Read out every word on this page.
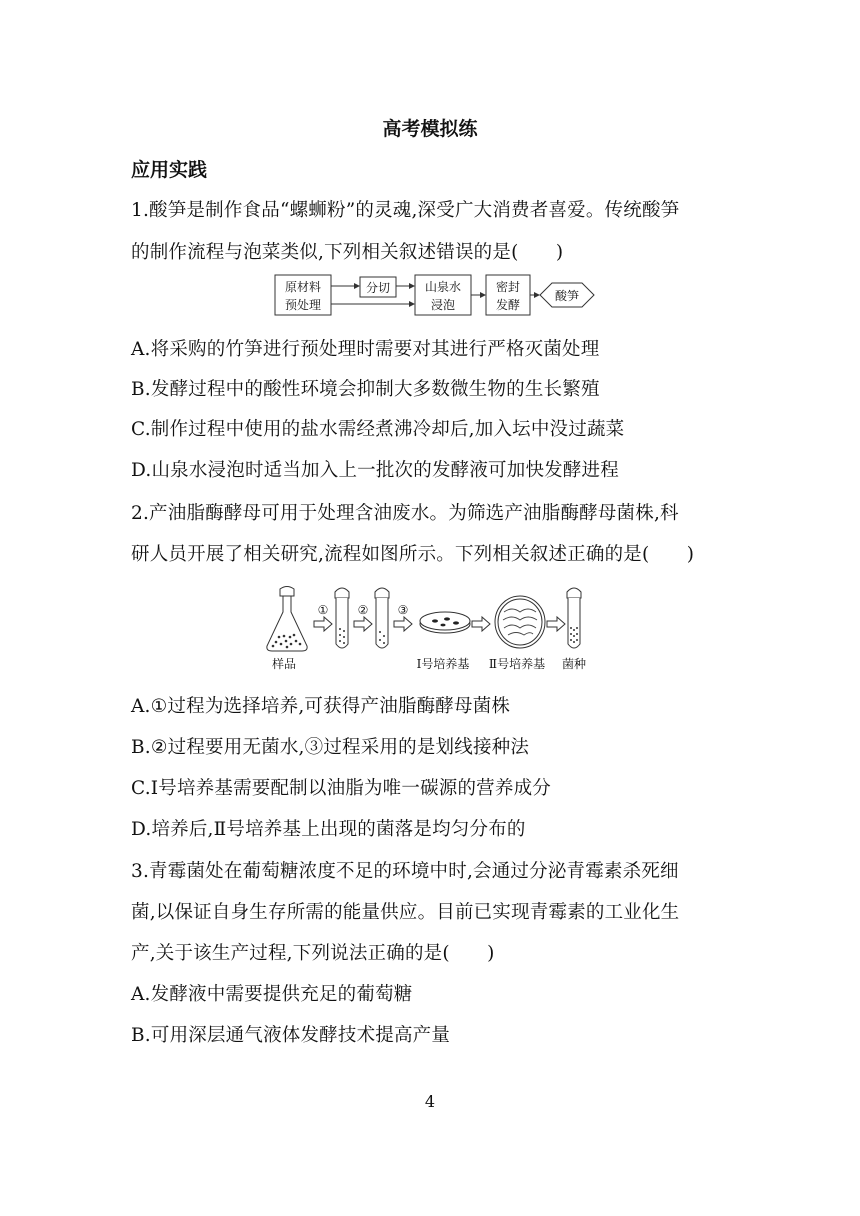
高考模拟练
应用实践
1.酸笋是制作食品“螺蛳粉”的灵魂,深受广大消费者喜爱。传统酸笋
的制作流程与泡菜类似,下列相关叙述错误的是(　　)
原材料
预处理
分切	山泉水
浸泡
密封
发酵
酸笋
A.将采购的竹笋进行预处理时需要对其进行严格灭菌处理
B.发酵过程中的酸性环境会抑制大多数微生物的生长繁殖
C.制作过程中使用的盐水需经煮沸冷却后,加入坛中没过蔬菜
D.山泉水浸泡时适当加入上一批次的发酵液可加快发酵进程
2.产油脂酶酵母可用于处理含油废水。为筛选产油脂酶酵母菌株,科
研人员开展了相关研究,流程如图所示。下列相关叙述正确的是(　　)
样品
① ② ③
Ⅰ号培养基 Ⅱ号培养基 菌种
A.①过程为选择培养,可获得产油脂酶酵母菌株
B.②过程要用无菌水,③过程采用的是划线接种法
C.Ⅰ号培养基需要配制以油脂为唯一碳源的营养成分
D.培养后,Ⅱ号培养基上出现的菌落是均匀分布的
3.青霉菌处在葡萄糖浓度不足的环境中时,会通过分泌青霉素杀死细
菌,以保证自身生存所需的能量供应。目前已实现青霉素的工业化生
产,关于该生产过程,下列说法正确的是(　　)
A.发酵液中需要提供充足的葡萄糖
B.可用深层通气液体发酵技术提高产量
4
